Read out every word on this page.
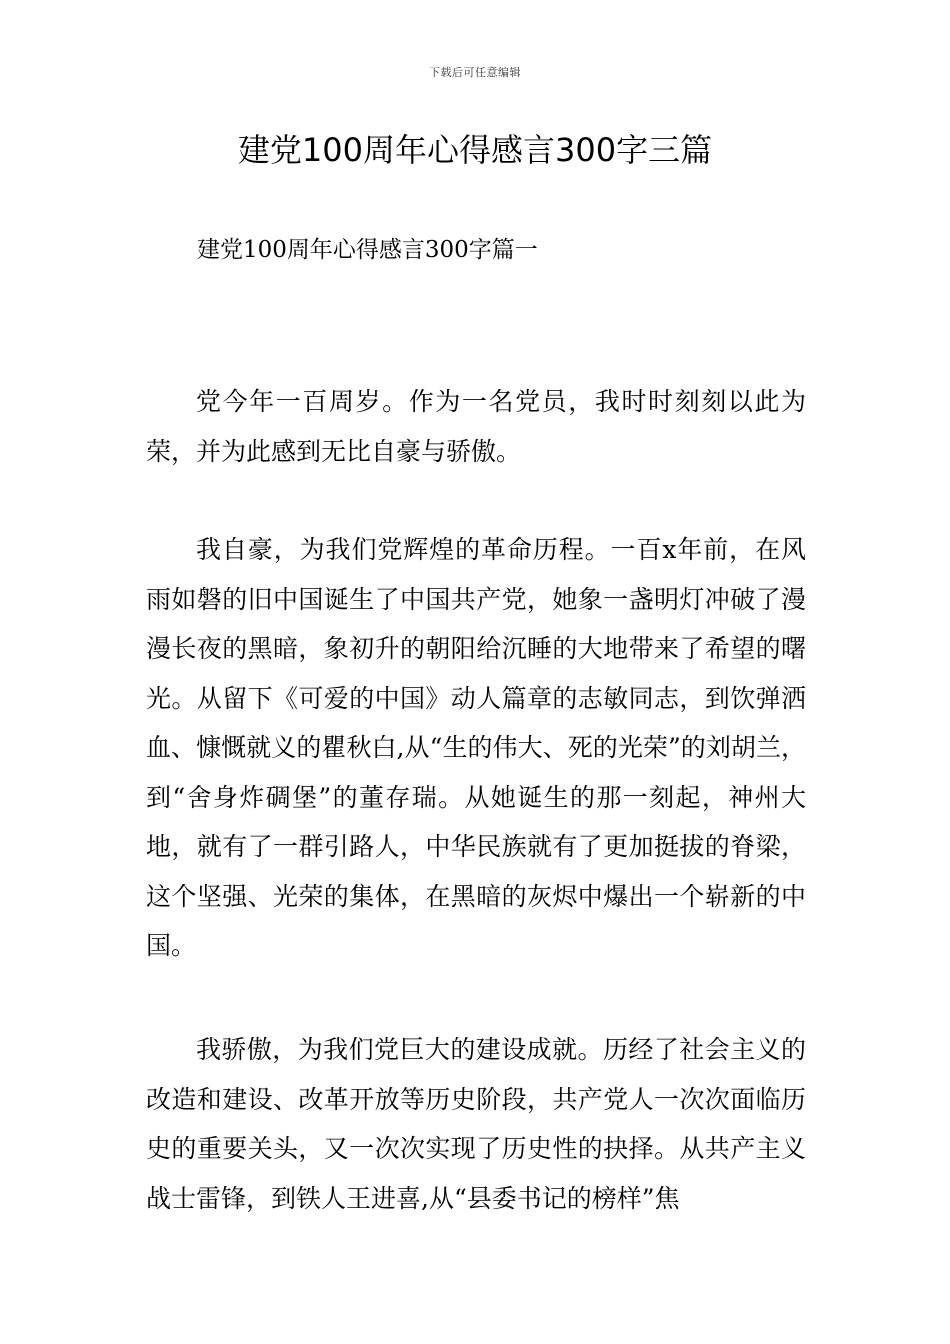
下载后可任意编辑
建党100周年心得感言300字三篇

建党100周年心得感言300字篇一

党今年一百周岁。作为一名党员，我时时刻刻以此为荣，并为此感到无比自豪与骄傲。

我自豪，为我们党辉煌的革命历程。一百x年前，在风雨如磐的旧中国诞生了中国共产党，她象一盏明灯冲破了漫漫长夜的黑暗，象初升的朝阳给沉睡的大地带来了希望的曙光。从留下《可爱的中国》动人篇章的志敏同志，到饮弹洒血、慷慨就义的瞿秋白,从“生的伟大、死的光荣”的刘胡兰，到“舍身炸碉堡”的董存瑞。从她诞生的那一刻起，神州大地，就有了一群引路人，中华民族就有了更加挺拔的脊梁，这个坚强、光荣的集体，在黑暗的灰烬中爆出一个崭新的中国。

我骄傲，为我们党巨大的建设成就。历经了社会主义的改造和建设、改革开放等历史阶段，共产党人一次次面临历史的重要关头，又一次次实现了历史性的抉择。从共产主义战士雷锋，到铁人王进喜,从“县委书记的榜样”焦
